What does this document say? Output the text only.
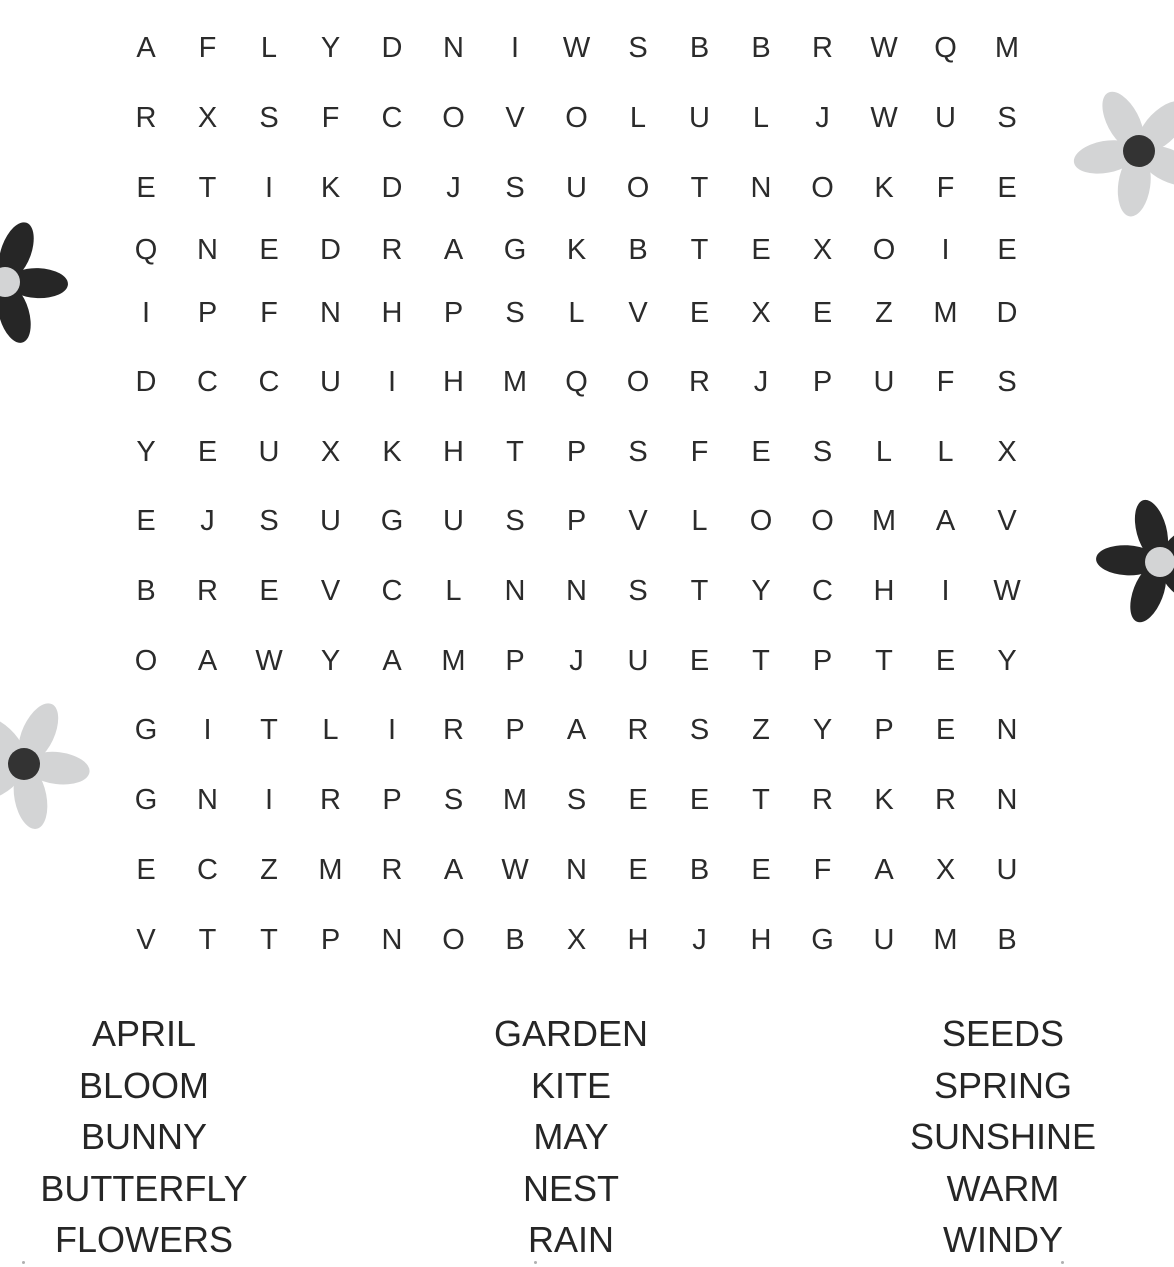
A	F	L	Y	D	N	I	W	S	B	B	R	W	Q	M
R	X	S	F	C	O	V	O	L	U	L	J	W	U	S
E	T	I	K	D	J	S	U	O	T	N	O	K	F	E
Q	N	E	D	R	A	G	K	B	T	E	X	O	I	E
I	P	F	N	H	P	S	L	V	E	X	E	Z	M	D
D	C	C	U	I	H	M	Q	O	R	J	P	U	F	S
Y	E	U	X	K	H	T	P	S	F	E	S	L	L	X
E	J	S	U	G	U	S	P	V	L	O	O	M	A	V
B	R	E	V	C	L	N	N	S	T	Y	C	H	I	W
O	A	W	Y	A	M	P	J	U	E	T	P	T	E	Y
G	I	T	L	I	R	P	A	R	S	Z	Y	P	E	N
G	N	I	R	P	S	M	S	E	E	T	R	K	R	N
E	C	Z	M	R	A	W	N	E	B	E	F	A	X	U
V	T	T	P	N	O	B	X	H	J	H	G	U	M	B
APRIL
BLOOM
BUNNY
BUTTERFLY
FLOWERS
GARDEN
KITE
MAY
NEST
RAIN
SEEDS
SPRING
SUNSHINE
WARM
WINDY
